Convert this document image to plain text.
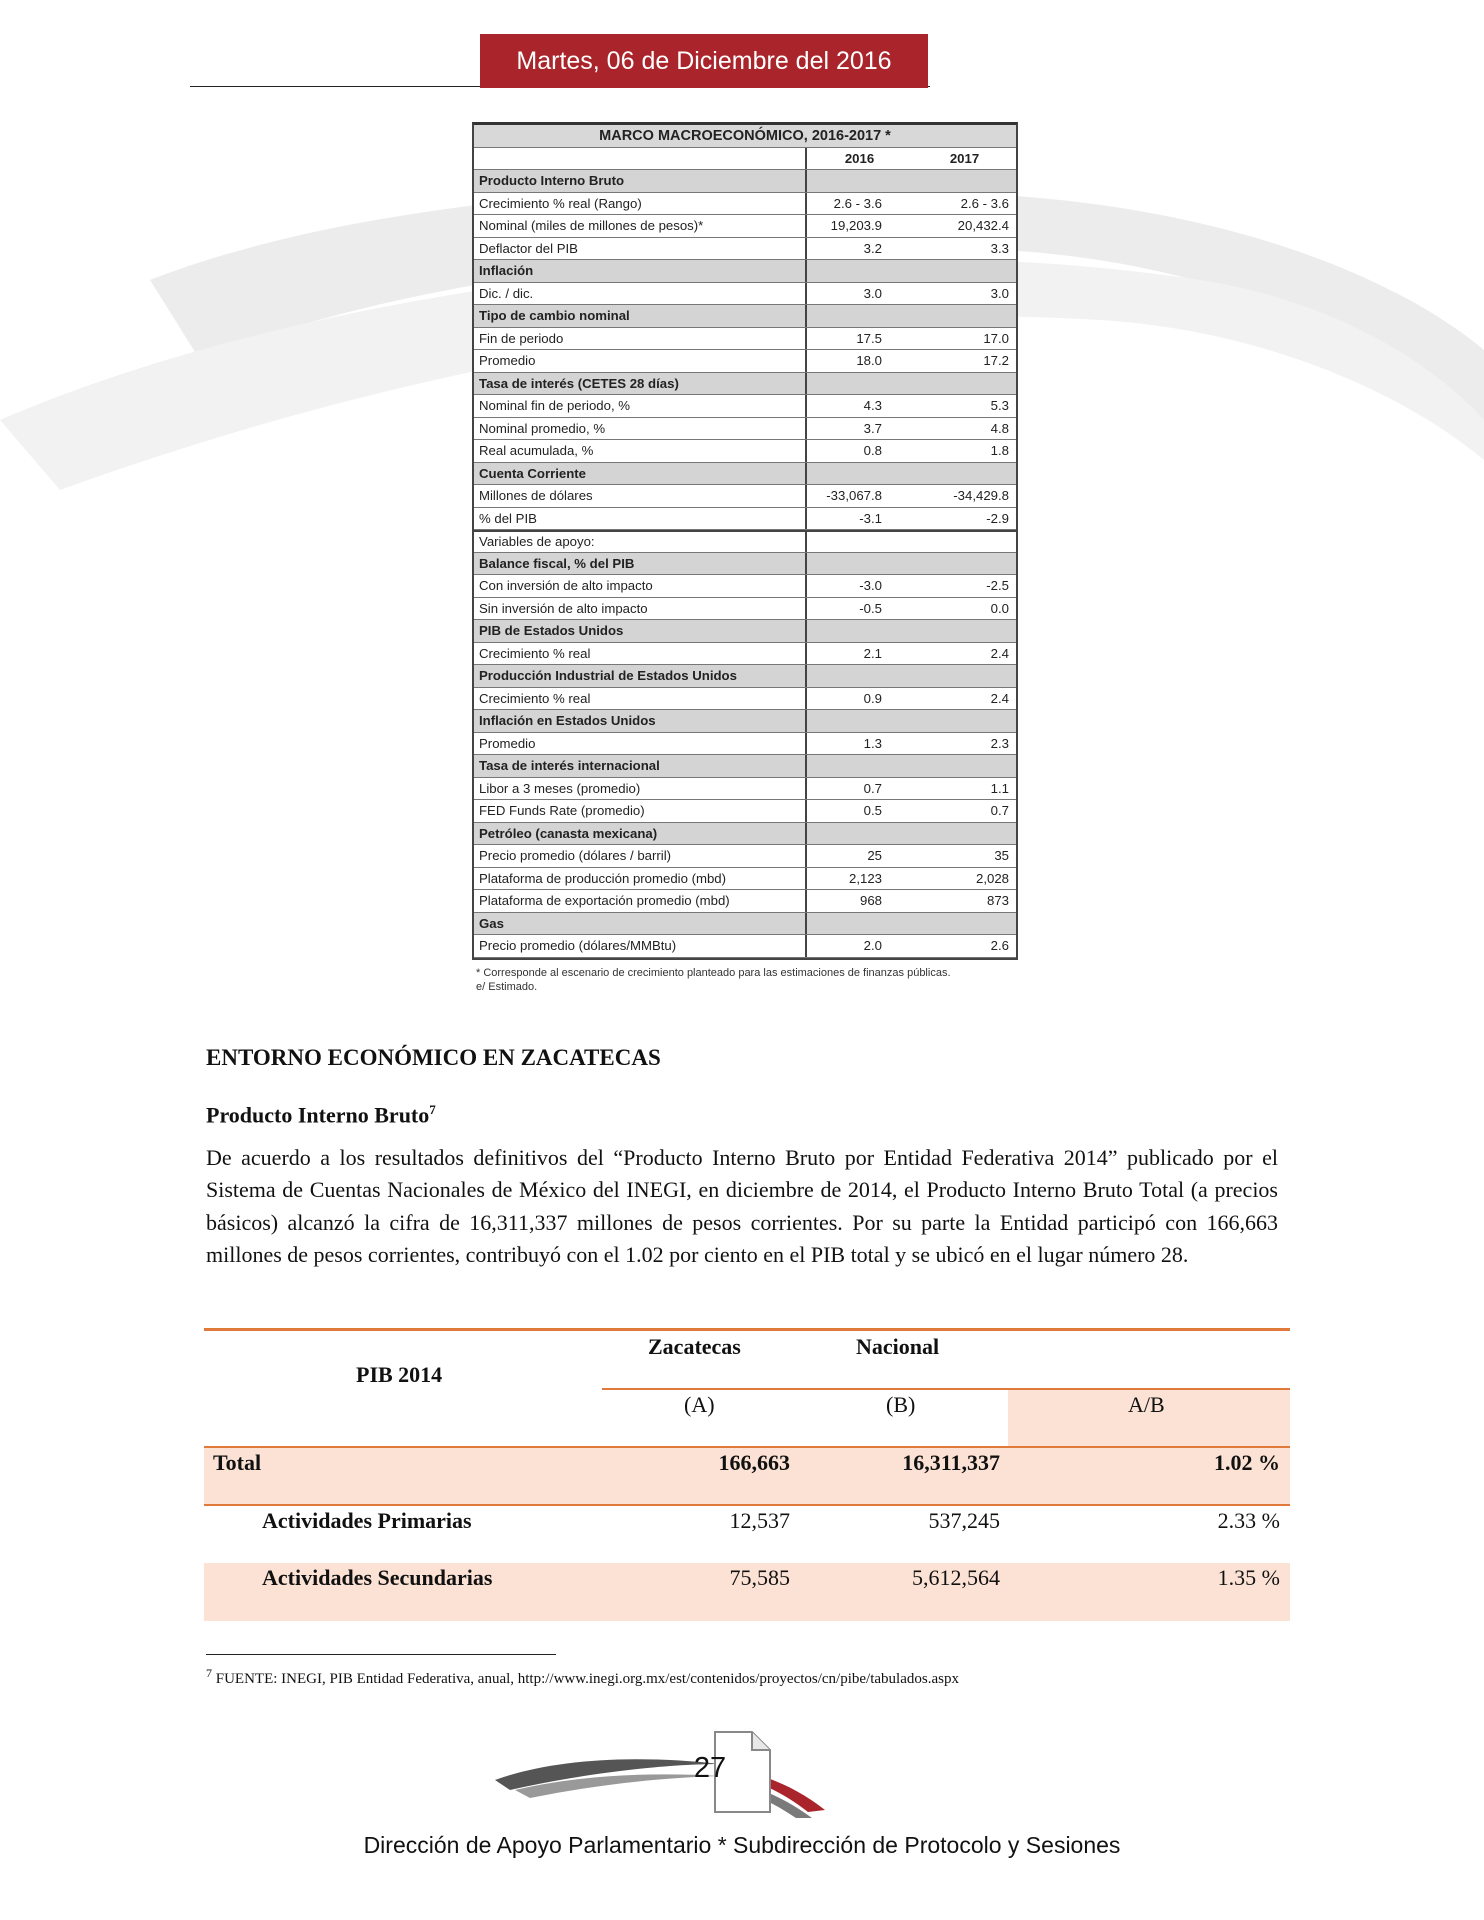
Martes, 06 de Diciembre del 2016
MARCO MACROECONÓMICO, 2016-2017 *
2016	2017
Producto Interno Bruto
Crecimiento % real (Rango)	2.6 - 3.6	2.6 - 3.6
Nominal (miles de millones de pesos)*	19,203.9	20,432.4
Deflactor del PIB	3.2	3.3
Inflación
Dic. / dic.	3.0	3.0
Tipo de cambio nominal
Fin de periodo	17.5	17.0
Promedio	18.0	17.2
Tasa de interés (CETES 28 días)
Nominal fin de periodo, %	4.3	5.3
Nominal promedio, %	3.7	4.8
Real acumulada, %	0.8	1.8
Cuenta Corriente
Millones de dólares	-33,067.8	-34,429.8
% del PIB	-3.1	-2.9
Variables de apoyo:
Balance fiscal, % del PIB
Con inversión de alto impacto	-3.0	-2.5
Sin inversión de alto impacto	-0.5	0.0
PIB de Estados Unidos
Crecimiento % real	2.1	2.4
Producción Industrial de Estados Unidos
Crecimiento % real	0.9	2.4
Inflación en Estados Unidos
Promedio	1.3	2.3
Tasa de interés internacional
Libor a 3 meses (promedio)	0.7	1.1
FED Funds Rate (promedio)	0.5	0.7
Petróleo (canasta mexicana)
Precio promedio (dólares / barril)	25	35
Plataforma de producción promedio (mbd)	2,123	2,028
Plataforma de exportación promedio (mbd)	968	873
Gas
Precio promedio (dólares/MMBtu)	2.0	2.6
* Corresponde al escenario de crecimiento planteado para las estimaciones de finanzas públicas.
e/ Estimado.
ENTORNO ECONÓMICO EN ZACATECAS
Producto Interno Bruto$^7$
De acuerdo a los resultados definitivos del “Producto Interno Bruto por Entidad Federativa 2014” publicado por el Sistema de Cuentas Nacionales de México del INEGI, en diciembre de 2014, el Producto Interno Bruto Total (a precios básicos) alcanzó la cifra de 16,311,337 millones de pesos corrientes. Por su parte la Entidad participó con 166,663 millones de pesos corrientes, contribuyó con el 1.02 por ciento en el PIB total y se ubicó en el lugar número 28.
PIB 2014
Zacatecas	Nacional
(A)	(B)	A/B
Total	166,663	16,311,337	1.02 %
Actividades Primarias	12,537	537,245	2.33 %
Actividades Secundarias	75,585	5,612,564	1.35 %
$^7$ FUENTE: INEGI, PIB Entidad Federativa, anual, http://www.inegi.org.mx/est/contenidos/proyectos/cn/pibe/tabulados.aspx
27
Dirección de Apoyo Parlamentario * Subdirección de Protocolo y Sesiones
